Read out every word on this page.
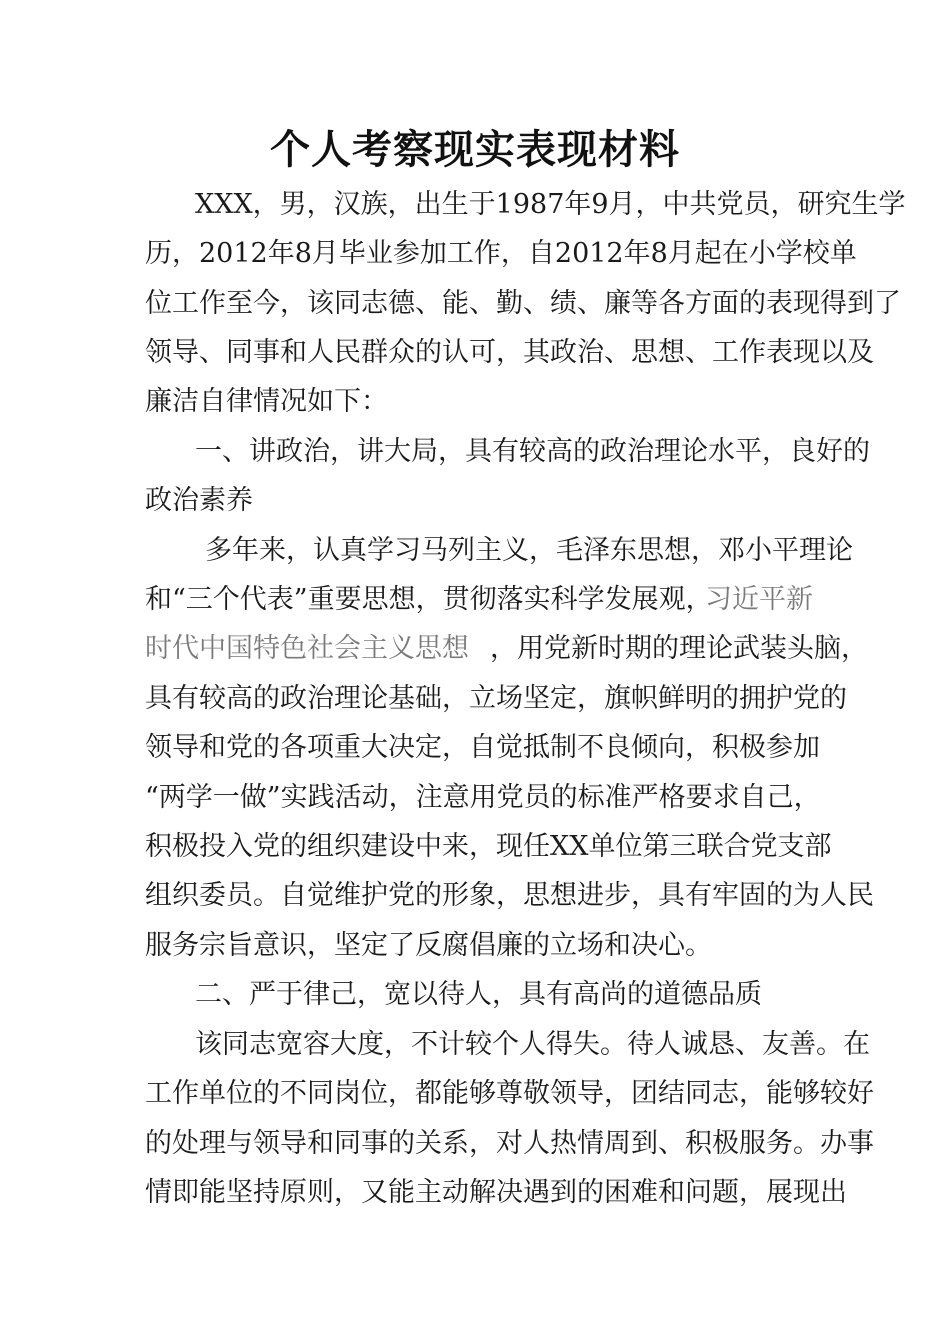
个人考察现实表现材料
XXX，男，汉族，出生于1987年9月，中共党员，研究生学
历，2012年8月毕业参加工作，自2012年8月起在小学校单
位工作至今，该同志德、能、勤、绩、廉等各方面的表现得到了
领导、同事和人民群众的认可，其政治、思想、工作表现以及
廉洁自律情况如下：
一、讲政治，讲大局，具有较高的政治理论水平，良好的
政治素养
多年来，认真学习马列主义，毛泽东思想，邓小平理论
和“三个代表”重要思想，贯彻落实科学发展观，
习近平新
时代中国特色社会主义思想 ，用党新时期的理论武装头脑，
具有较高的政治理论基础，立场坚定，旗帜鲜明的拥护党的
领导和党的各项重大决定，自觉抵制不良倾向，积极参加
“两学一做”实践活动，注意用党员的标准严格要求自己，
积极投入党的组织建设中来，现任XX单位第三联合党支部
组织委员。自觉维护党的形象，思想进步，具有牢固的为人民
服务宗旨意识，坚定了反腐倡廉的立场和决心。
二、严于律己，宽以待人，具有高尚的道德品质
该同志宽容大度，不计较个人得失。待人诚恳、友善。在
工作单位的不同岗位，都能够尊敬领导，团结同志，能够较好
的处理与领导和同事的关系，对人热情周到、积极服务。办事
情即能坚持原则，又能主动解决遇到的困难和问题，展现出
